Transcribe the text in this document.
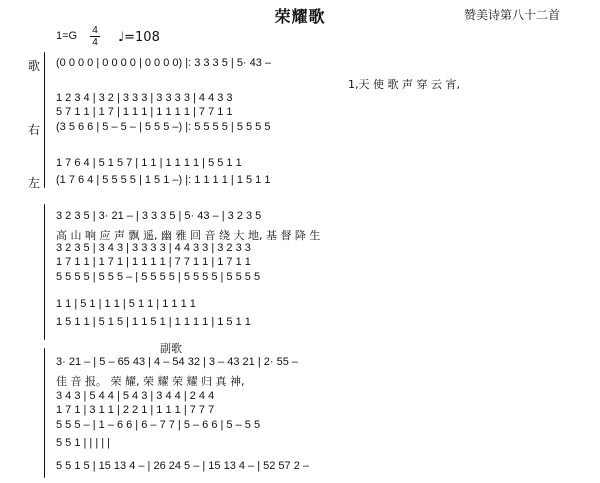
荣耀歌	赞美诗第八十二首
1=G 4
4 ♩=108
歌
右
左
(0 0 0 0 | 0 0 0 0 | 0 0 0 0) |: 3 3 3 5 | 5· 43 –
1,天 使 歌 声 穿 云 宵,
1 2 3 4 | 3 2 | 3 3 3 | 3 3 3 3 | 4 4 3 3
5 7 1 1 | 1 7 | 1 1 1 | 1 1 1 1 | 7 7 1 1
(3 5 6 6 | 5 – 5 – | 5 5 5 –) |: 5 5 5 5 | 5 5 5 5
1 7 6 4 | 5 1 5 7 | 1 1 | 1 1 1 1 | 5 5 1 1
(1 7 6 4 | 5 5 5 5 | 1 5 1 –) |: 1 1 1 1 | 1 5 1 1
3 2 3 5 | 3· 21 – | 3 3 3 5 | 5· 43 – | 3 2 3 5
高 山 响 应 声 飘 遥, 幽 雅 回 音 绕 大 地, 基 督 降 生
3 2 3 5 | 3 4 3 | 3 3 3 3 | 4 4 3 3 | 3 2 3 3
1 7 1 1 | 1 7 1 | 1 1 1 1 | 7 7 1 1 | 1 7 1 1
5 5 5 5 | 5 5 5 – | 5 5 5 5 | 5 5 5 5 | 5 5 5 5
1 1 | 5 1 | 1 1 | 5 1 1 | 1 1 1 1
1 5 1 1 | 5 1 5 | 1 1 5 1 | 1 1 1 1 | 1 5 1 1
副歌
3· 21 – | 5 – 65 43 | 4 – 54 32 | 3 – 43 21 | 2· 55 –
佳 音 报。 荣 耀, 荣 耀 荣 耀 归 真 神,
3 4 3 | 5 4 4 | 5 4 3 | 3 4 4 | 2 4 4
1 7 1 | 3 1 1 | 2 2 1 | 1 1 1 | 7 7 7
5 5 5 – | 1 – 6 6 | 6 – 7 7 | 5 – 6 6 | 5 – 5 5
5 5 1 | | | | |
5 5 1 5 | 15 13 4 – | 26 24 5 – | 15 13 4 – | 52 57 2 –
